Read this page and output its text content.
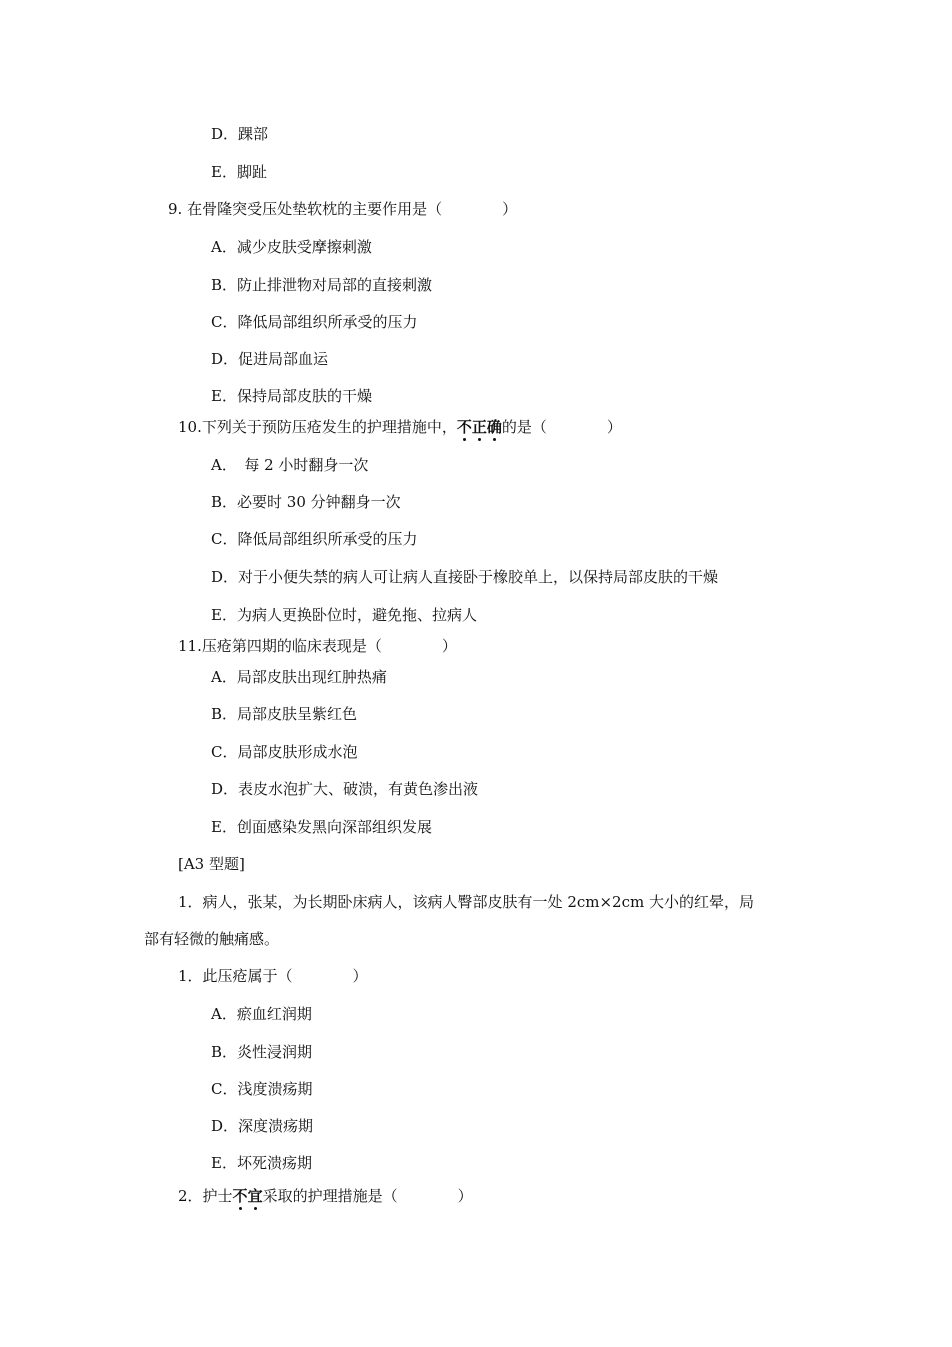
D．踝部
E．脚趾
9. 在骨隆突受压处垫软枕的主要作用是（　　　　）
A．减少皮肤受摩擦刺激
B．防止排泄物对局部的直接刺激
C．降低局部组织所承受的压力
D．促进局部血运
E．保持局部皮肤的干燥
10.下列关于预防压疮发生的护理措施中，不正确的是（　　　　）
A．　每 2 小时翻身一次
B．必要时 30 分钟翻身一次
C．降低局部组织所承受的压力
D．对于小便失禁的病人可让病人直接卧于橡胶单上，以保持局部皮肤的干燥
E．为病人更换卧位时，避免拖、拉病人
11.压疮第四期的临床表现是（　　　　）
A．局部皮肤出现红肿热痛
B．局部皮肤呈紫红色
C．局部皮肤形成水泡
D．表皮水泡扩大、破溃，有黄色渗出液
E．创面感染发黑向深部组织发展
[A3 型题]
1．病人，张某，为长期卧床病人，该病人臀部皮肤有一处 2cm×2cm 大小的红晕，局
部有轻微的触痛感。
1．此压疮属于（　　　　）
A．瘀血红润期
B．炎性浸润期
C．浅度溃疡期
D．深度溃疡期
E．坏死溃疡期
2．护士不宜采取的护理措施是（　　　　）
